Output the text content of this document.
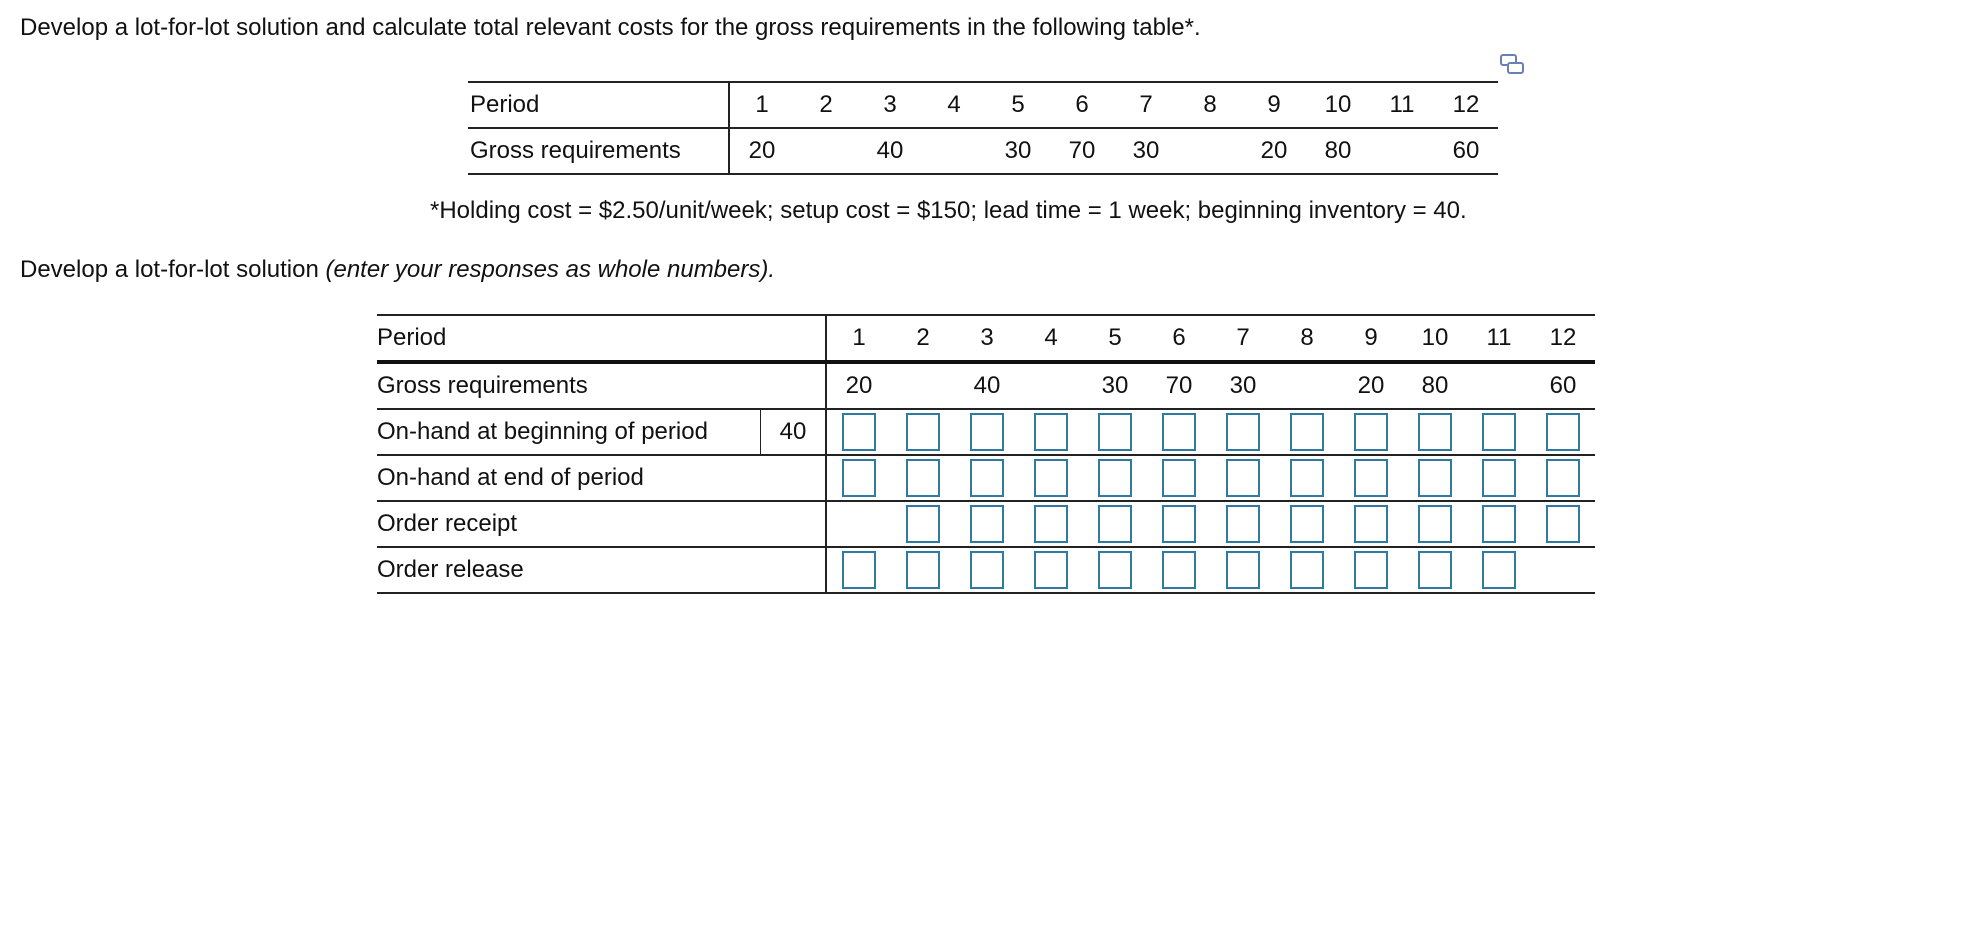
Develop a lot-for-lot solution and calculate total relevant costs for the gross requirements in the following table*.
Period	1	2	3	4	5	6	7	8	9	10	11	12
Gross requirements	20		40		30	70	30		20	80		60
*Holding cost = $2.50/unit/week; setup cost = $150; lead time = 1 week; beginning inventory = 40.
Develop a lot-for-lot solution (enter your responses as whole numbers).
Period		1	2	3	4	5	6	7	8	9	10	11	12
Gross requirements		20		40		30	70	30		20	80		60
On-hand at beginning of period	40												
On-hand at end of period													
Order receipt													
Order release													
